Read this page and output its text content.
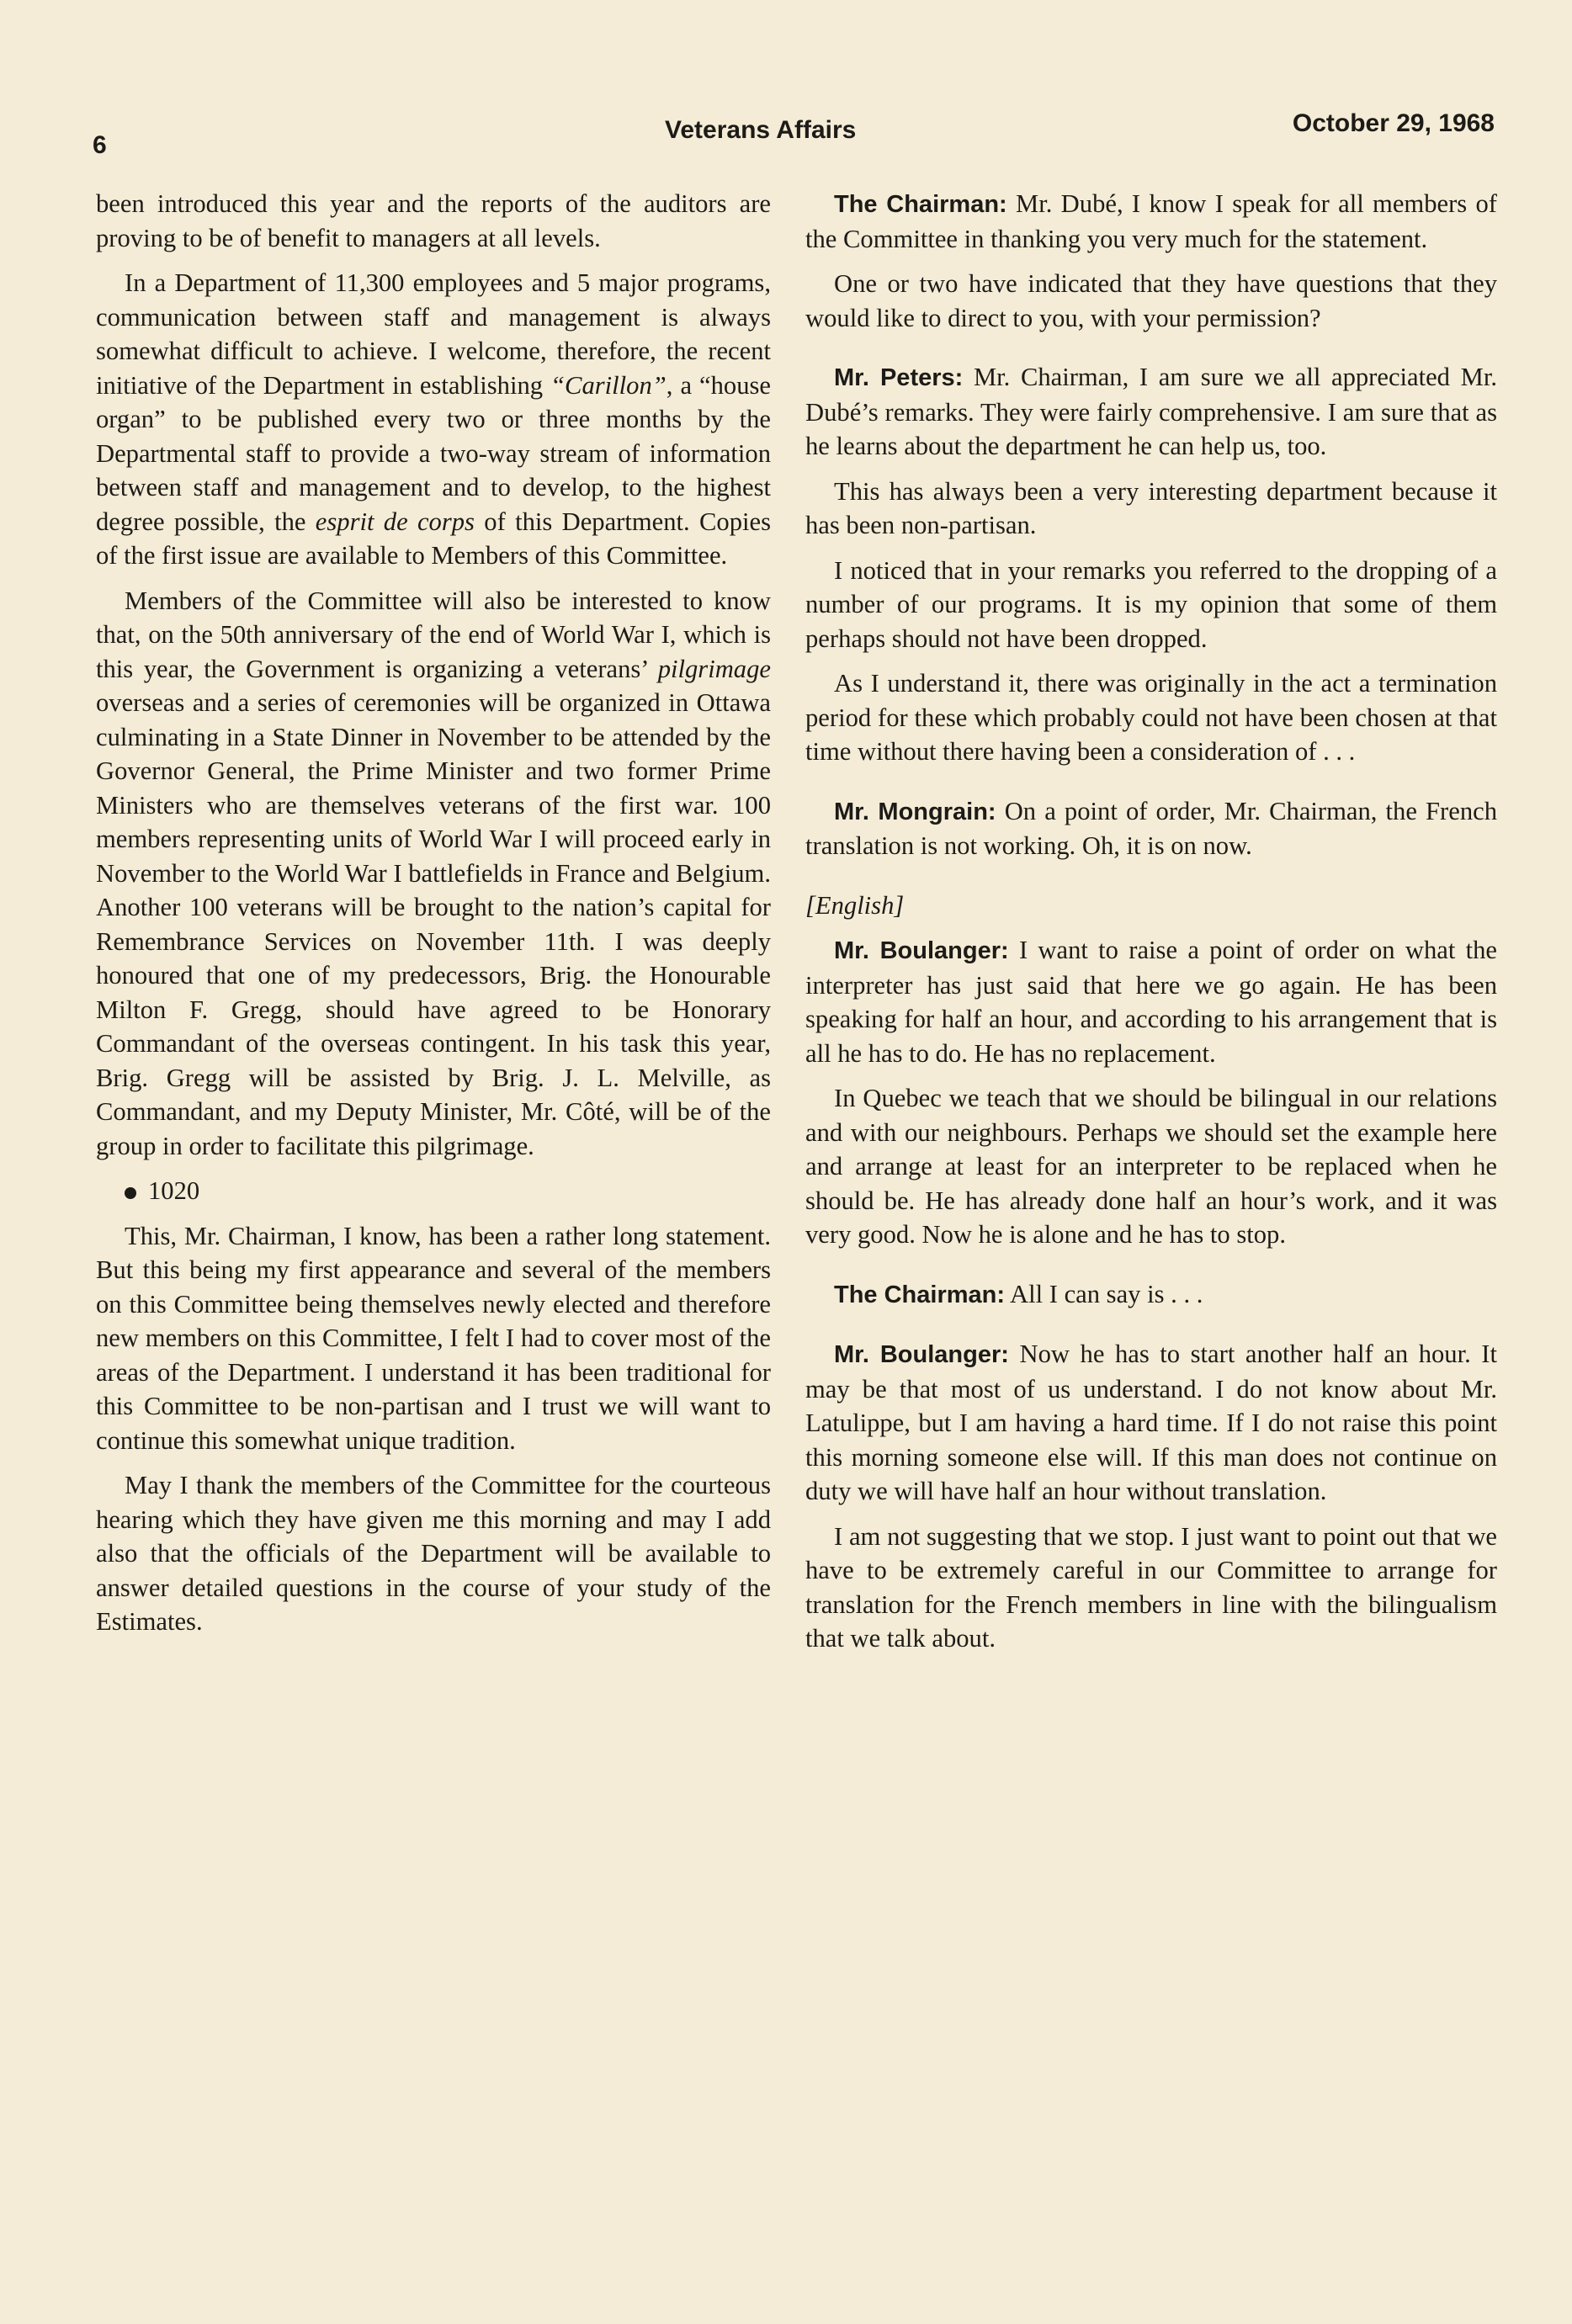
6
Veterans Affairs	October 29, 1968

been introduced this year and the reports of the auditors are proving to be of benefit to managers at all levels.

In a Department of 11,300 employees and 5 major programs, communication between staff and management is always somewhat difficult to achieve. I welcome, therefore, the recent initiative of the Department in establishing “Carillon”, a “house organ” to be published every two or three months by the Departmental staff to provide a two-way stream of information between staff and management and to develop, to the highest degree possible, the esprit de corps of this Department. Copies of the first issue are available to Members of this Committee.

Members of the Committee will also be interested to know that, on the 50th anniversary of the end of World War I, which is this year, the Government is organizing a veterans’ pilgrimage overseas and a series of ceremonies will be organized in Ottawa culminating in a State Dinner in November to be attended by the Governor General, the Prime Minister and two former Prime Ministers who are themselves veterans of the first war. 100 members representing units of World War I will proceed early in November to the World War I battlefields in France and Belgium. Another 100 veterans will be brought to the nation’s capital for Remembrance Services on November 11th. I was deeply honoured that one of my predecessors, Brig. the Honourable Milton F. Gregg, should have agreed to be Honorary Commandant of the overseas contingent. In his task this year, Brig. Gregg will be assisted by Brig. J. L. Melville, as Commandant, and my Deputy Minister, Mr. Côté, will be of the group in order to facilitate this pilgrimage.

1020

This, Mr. Chairman, I know, has been a rather long statement. But this being my first appearance and several of the members on this Committee being themselves newly elected and therefore new members on this Committee, I felt I had to cover most of the areas of the Department. I understand it has been traditional for this Committee to be non-partisan and I trust we will want to continue this somewhat unique tradition.

May I thank the members of the Committee for the courteous hearing which they have given me this morning and may I add also that the officials of the Department will be available to answer detailed questions in the course of your study of the Estimates.

The Chairman: Mr. Dubé, I know I speak for all members of the Committee in thanking you very much for the statement.

One or two have indicated that they have questions that they would like to direct to you, with your permission?

Mr. Peters: Mr. Chairman, I am sure we all appreciated Mr. Dubé’s remarks. They were fairly comprehensive. I am sure that as he learns about the department he can help us, too.

This has always been a very interesting department because it has been non-partisan.

I noticed that in your remarks you referred to the dropping of a number of our programs. It is my opinion that some of them perhaps should not have been dropped.

As I understand it, there was originally in the act a termination period for these which probably could not have been chosen at that time without there having been a consideration of . . .

Mr. Mongrain: On a point of order, Mr. Chairman, the French translation is not working. Oh, it is on now.

[English]

Mr. Boulanger: I want to raise a point of order on what the interpreter has just said that here we go again. He has been speaking for half an hour, and according to his arrangement that is all he has to do. He has no replacement.

In Quebec we teach that we should be bilingual in our relations and with our neighbours. Perhaps we should set the example here and arrange at least for an interpreter to be replaced when he should be. He has already done half an hour’s work, and it was very good. Now he is alone and he has to stop.

The Chairman: All I can say is . . .

Mr. Boulanger: Now he has to start another half an hour. It may be that most of us understand. I do not know about Mr. Latulippe, but I am having a hard time. If I do not raise this point this morning someone else will. If this man does not continue on duty we will have half an hour without translation.

I am not suggesting that we stop. I just want to point out that we have to be extremely careful in our Committee to arrange for translation for the French members in line with the bilingualism that we talk about.
